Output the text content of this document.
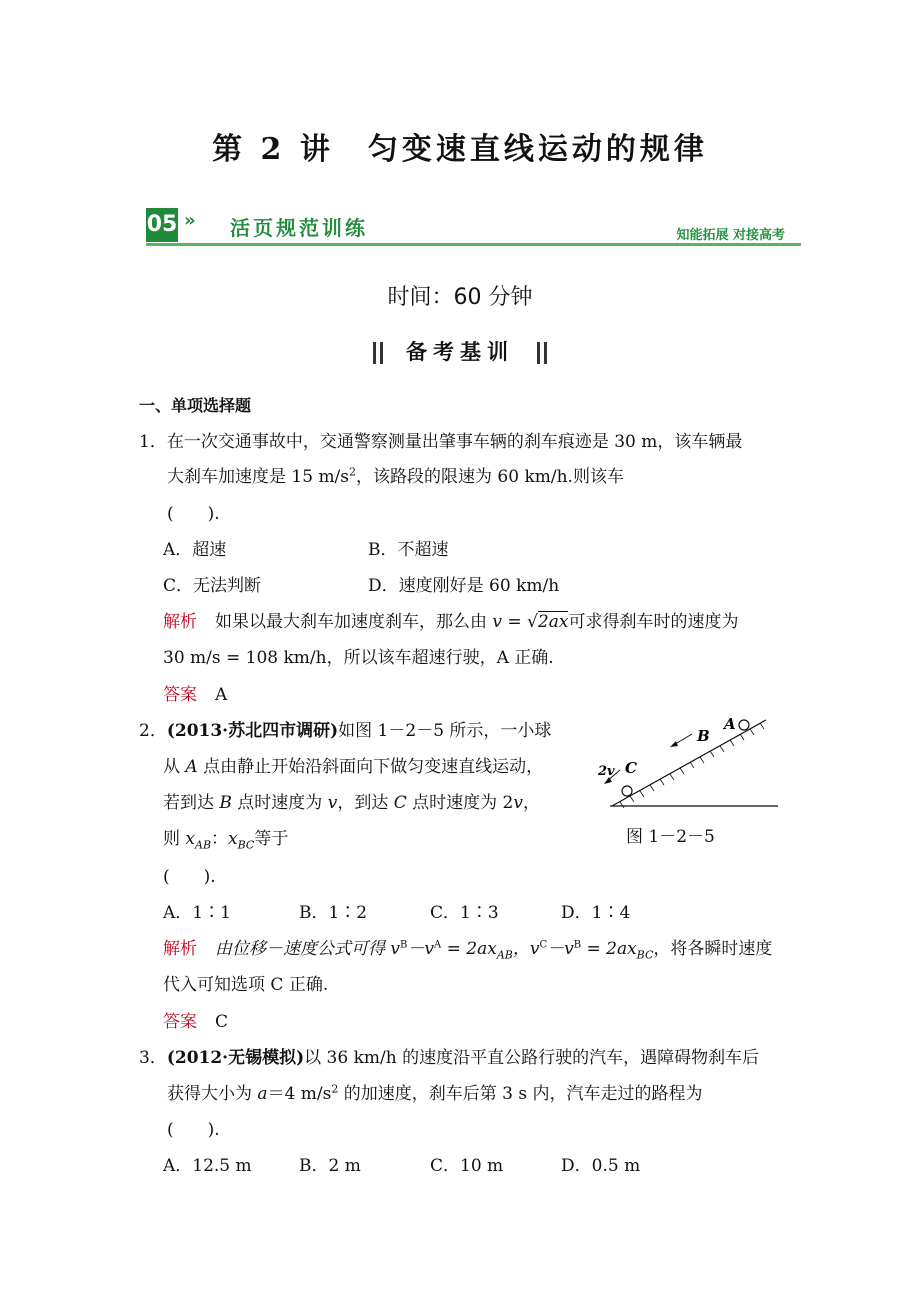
第 2 讲　匀变速直线运动的规律
05 » 活页规范训练	知能拓展 对接高考
时间：60 分钟
备考基训
一、单项选择题
1．在一次交通事故中，交通警察测量出肇事车辆的刹车痕迹是 30 m，该车辆最
大刹车加速度是 15 $m/s^2$，该路段的限速为 60 km/h.则该车
(　　).
A．超速	B．不超速
C．无法判断	D．速度刚好是 60 km/h
解析 如果以最大刹车加速度刹车，那么由 v = √2ax可求得刹车时的速度为
30 m/s = 108 km/h，所以该车超速行驶，A 正确.
答案 A
2．(2013·苏北四市调研)如图 1－2－5 所示，一小球
从 A 点由静止开始沿斜面向下做匀变速直线运动，
若到达 B 点时速度为 v，到达 C 点时速度为 2v，
则 $x_{AB}$：$x_{BC}$等于
(　　).
A．1∶1	B．1∶2	C．1∶3	D．1∶4
A
B
C
2v
图 1－2－5
解析 由位移－速度公式可得 $v^B-v^A = 2ax_{AB}$，$v^C-v^B = 2ax_{BC}$，将各瞬时速度
代入可知选项 C 正确.
答案 C
3．(2012·无锡模拟)以 36 km/h 的速度沿平直公路行驶的汽车，遇障碍物刹车后
获得大小为 a＝4 $m/s^2$ 的加速度，刹车后第 3 s 内，汽车走过的路程为
(　　).
A．12.5 m	B．2 m	C．10 m	D．0.5 m
